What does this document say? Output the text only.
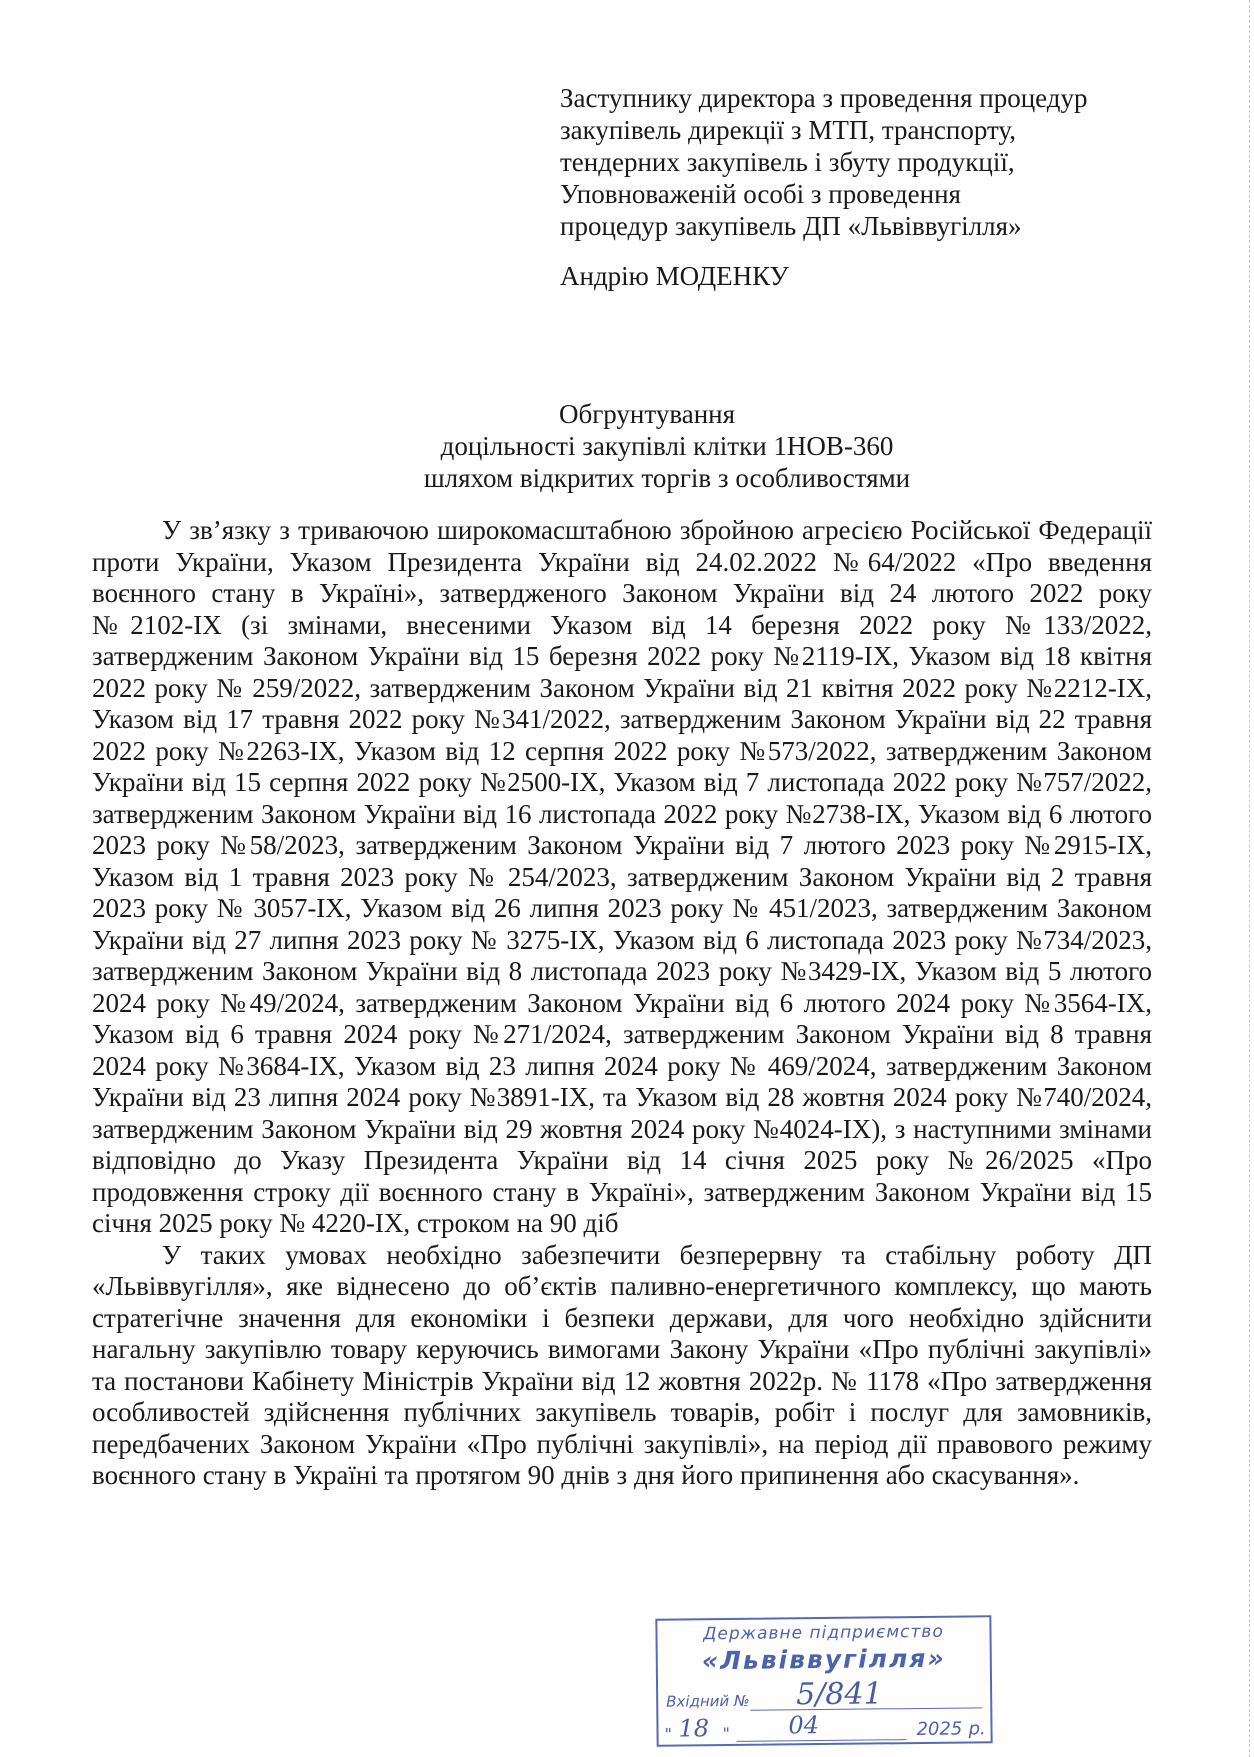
Заступнику директора з проведення процедур
закупівель дирекції з МТП, транспорту,
тендерних закупівель і збуту продукції,
Уповноваженій особі з проведення
процедур закупівель ДП «Львіввугілля»
Андрію МОДЕНКУ
Обгрунтування
доцільності закупівлі клітки 1НОВ-360
шляхом відкритих торгів з особливостями

У зв’язку з триваючою широкомасштабною збройною агресією Російської Федерації проти України, Указом Президента України від 24.02.2022 №64/2022 «Про введення воєнного стану в Україні», затвердженого Законом України від 24 лютого 2022 року №2102-IX (зі змінами, внесеними Указом від 14 березня 2022 року №133/2022, затвердженим Законом України від 15 березня 2022 року №2119-IX, Указом від 18 квітня 2022 року № 259/2022, затвердженим Законом України від 21 квітня 2022 року №2212-IX, Указом від 17 травня 2022 року №341/2022, затвердженим Законом України від 22 травня 2022 року №2263-IX, Указом від 12 серпня 2022 року №573/2022, затвердженим Законом України від 15 серпня 2022 року №2500-IX, Указом від 7 листопада 2022 року №757/2022, затвердженим Законом України від 16 листопада 2022 року №2738-IX, Указом від 6 лютого 2023 року №58/2023, затвердженим Законом України від 7 лютого 2023 року №2915-IX, Указом від 1 травня 2023 року № 254/2023, затвердженим Законом України від 2 травня 2023 року № 3057-IX, Указом від 26 липня 2023 року № 451/2023, затвердженим Законом України від 27 липня 2023 року № 3275-IX, Указом від 6 листопада 2023 року №734/2023, затвердженим Законом України від 8 листопада 2023 року №3429-IX, Указом від 5 лютого 2024 року №49/2024, затвердженим Законом України від 6 лютого 2024 року №3564-IX, Указом від 6 травня 2024 року №271/2024, затвердженим Законом України від 8 травня 2024 року №3684-IX, Указом від 23 липня 2024 року № 469/2024, затвердженим Законом України від 23 липня 2024 року №3891-IX, та Указом від 28 жовтня 2024 року №740/2024, затвердженим Законом України від 29 жовтня 2024 року №4024-IX), з наступними змінами відповідно до Указу Президента України від 14 січня 2025 року №26/2025 «Про продовження строку дії воєнного стану в Україні», затвердженим Законом України від 15 січня 2025 року № 4220-IX, строком на 90 діб

У таких умовах необхідно забезпечити безперервну та стабільну роботу ДП «Львіввугілля», яке віднесено до об’єктів паливно-енергетичного комплексу, що мають стратегічне значення для економіки і безпеки держави, для чого необхідно здійснити нагальну закупівлю товару керуючись вимогами Закону України «Про публічні закупівлі» та постанови Кабінету Міністрів України від 12 жовтня 2022р. № 1178 «Про затвердження особливостей здійснення публічних закупівель товарів, робіт і послуг для замовників, передбачених Законом України «Про публічні закупівлі», на період дії правового режиму воєнного стану в Україні та протягом 90 днів з дня його припинення або скасування».

Державне підприємство
«Львіввугілля»
Вхідний № 5/841
" 18 " 04	2025 р.
